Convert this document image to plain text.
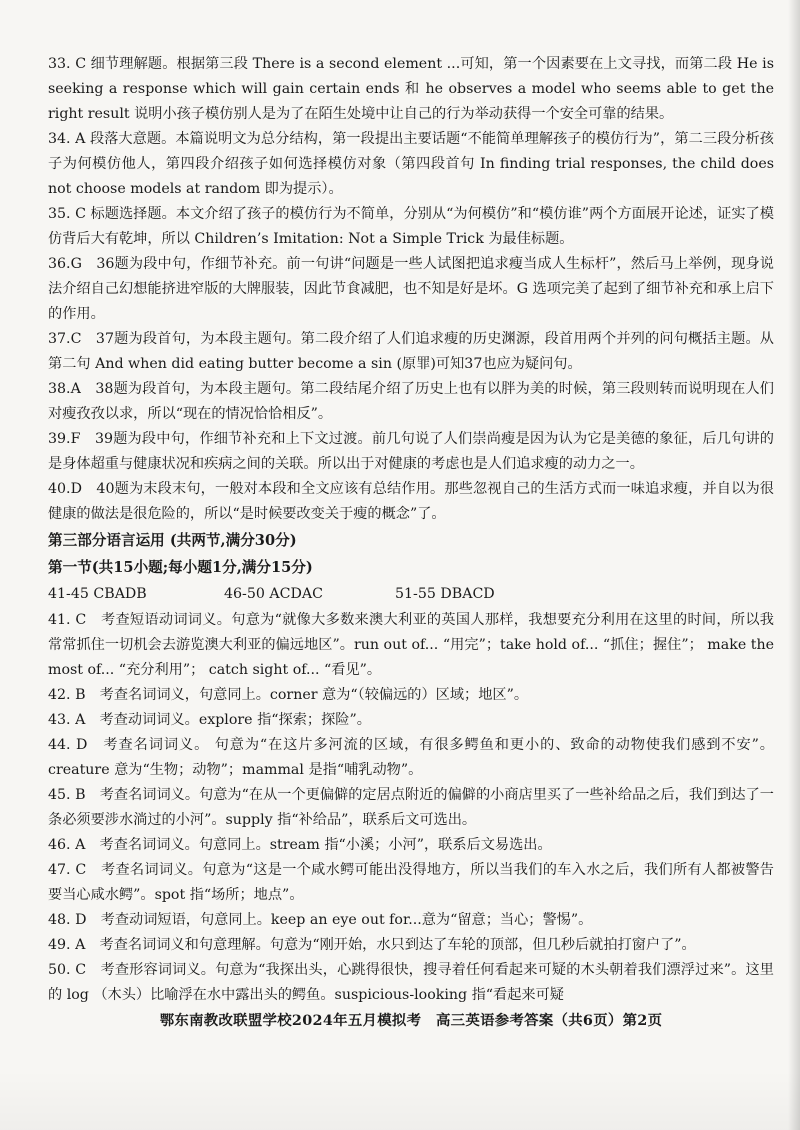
33. C 细节理解题。根据第三段 There is a second element ...可知，第一个因素要在上文寻找，而第二段 He is seeking a response which will gain certain ends 和 he observes a model who seems able to get the right result 说明小孩子模仿别人是为了在陌生处境中让自己的行为举动获得一个安全可靠的结果。

34. A 段落大意题。本篇说明文为总分结构，第一段提出主要话题“不能简单理解孩子的模仿行为”，第二三段分析孩子为何模仿他人，第四段介绍孩子如何选择模仿对象（第四段首句 In finding trial responses, the child does not choose models at random 即为提示）。

35. C 标题选择题。本文介绍了孩子的模仿行为不简单，分别从“为何模仿”和“模仿谁”两个方面展开论述，证实了模仿背后大有乾坤，所以 Children’s Imitation: Not a Simple Trick 为最佳标题。

36.G　36题为段中句，作细节补充。前一句讲“问题是一些人试图把追求瘦当成人生标杆”，然后马上举例，现身说法介绍自己幻想能挤进窄版的大牌服装，因此节食减肥，也不知是好是坏。G 选项完美了起到了细节补充和承上启下的作用。

37.C　37题为段首句，为本段主题句。第二段介绍了人们追求瘦的历史渊源，段首用两个并列的问句概括主题。从第二句 And when did eating butter become a sin (原罪)可知37也应为疑问句。

38.A　38题为段首句，为本段主题句。第二段结尾介绍了历史上也有以胖为美的时候，第三段则转而说明现在人们对瘦孜孜以求，所以“现在的情况恰恰相反”。

39.F　39题为段中句，作细节补充和上下文过渡。前几句说了人们崇尚瘦是因为认为它是美德的象征，后几句讲的是身体超重与健康状况和疾病之间的关联。所以出于对健康的考虑也是人们追求瘦的动力之一。

40.D　40题为末段末句，一般对本段和全文应该有总结作用。那些忽视自己的生活方式而一味追求瘦，并自以为很健康的做法是很危险的，所以“是时候要改变关于瘦的概念”了。

第三部分语言运用 (共两节,满分30分)

第一节(共15小题;每小题1分,满分15分)

41-45 CBADB	46-50 ACDAC	51-55 DBACD

41. C　考查短语动词词义。句意为“就像大多数来澳大利亚的英国人那样，我想要充分利用在这里的时间，所以我常常抓住一切机会去游览澳大利亚的偏远地区”。run out of... “用完”；take hold of... “抓住；握住”； make the most of... “充分利用”； catch sight of... “看见”。

42. B　考查名词词义，句意同上。corner 意为“（较偏远的）区域；地区”。

43. A　考查动词词义。explore 指“探索；探险”。

44. D　考查名词词义。 句意为“在这片多河流的区域，有很多鳄鱼和更小的、致命的动物使我们感到不安”。creature 意为“生物；动物”；mammal 是指“哺乳动物”。

45. B　考查名词词义。句意为“在从一个更偏僻的定居点附近的偏僻的小商店里买了一些补给品之后，我们到达了一条必须要涉水淌过的小河”。supply 指“补给品”，联系后文可选出。

46. A　考查名词词义。句意同上。stream 指“小溪；小河”，联系后文易选出。

47. C　考查名词词义。句意为“这是一个咸水鳄可能出没得地方，所以当我们的车入水之后，我们所有人都被警告要当心咸水鳄”。spot 指“场所；地点”。

48. D　考查动词短语，句意同上。keep an eye out for...意为“留意；当心；警惕”。

49. A　考查名词词义和句意理解。句意为“刚开始，水只到达了车轮的顶部，但几秒后就拍打窗户了”。

50. C　考查形容词词义。句意为“我探出头，心跳得很快，搜寻着任何看起来可疑的木头朝着我们漂浮过来”。这里的 log （木头）比喻浮在水中露出头的鳄鱼。suspicious-looking 指“看起来可疑

鄂东南教改联盟学校2024年五月模拟考　高三英语参考答案（共6页）第2页
